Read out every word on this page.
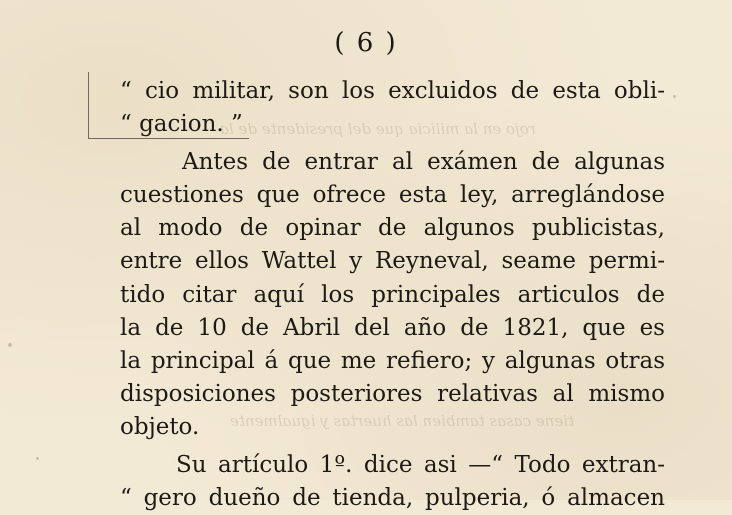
rojo en la milicia que del presidente de la
tiene casas tambien las huertas y igualmente
( 6 )
“ cio militar, son los excluidos de esta obli-
“ gacion. ”
Antes de entrar al exámen de algunas
cuestiones que ofrece esta ley, arreglándose
al modo de opinar de algunos publicistas,
entre ellos Wattel y Reyneval, seame permi-
tido citar aquí los principales articulos de
la de 10 de Abril del año de 1821, que es
la principal á que me refiero; y algunas otras
disposiciones posteriores relativas al mismo
objeto.
Su artículo 1º. dice asi —“ Todo extran-
“ gero dueño de tienda, pulperia, ó almacen
